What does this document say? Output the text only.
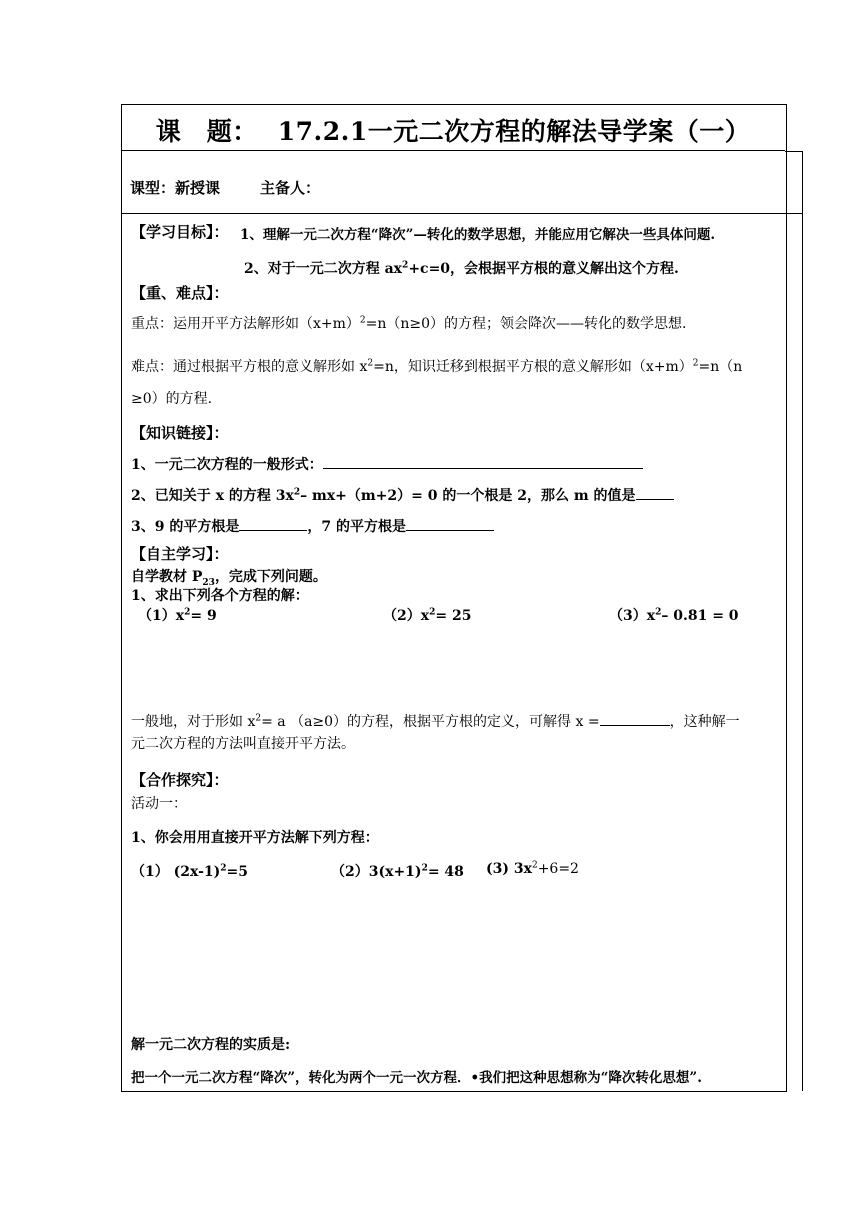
课　题： 17.2.1一元二次方程的解法导学案（一）
课型：新授课	主备人：
【学习目标】： 1、理解一元二次方程“降次”—转化的数学思想，并能应用它解决一些具体问题.
2、对于一元二次方程 $ax^2+c=0$，会根据平方根的意义解出这个方程.
【重、难点】：
重点：运用开平方法解形如$(x+m)^2=n(n\ge 0)$的方程；领会降次——转化的数学思想.
难点：通过根据平方根的意义解形如 $x^2=n$，知识迁移到根据平方根的意义解形如$(x+m)^2=n(n$
≥0）的方程.
【知识链接】：
1、一元二次方程的一般形式：
2、已知关于 x 的方程 $3x^2-$ mx+（m+2）= 0 的一个根是 2，那么 m 的值是
3、9 的平方根是	，7 的平方根是
【自主学习】：
自学教材 $P_{23}$，完成下列问题。
1、求出下列各个方程的解：
$(1)x^2= 9$	$(2)x^2= 25$	$(3)x^2-$ 0.81 = 0
一般地，对于形如 $x^2= a$ （a≥0）的方程，根据平方根的定义，可解得 x =	，这种解一
元二次方程的方法叫直接开平方法。
【合作探究】：
活动一：
1、你会用用直接开平方法解下列方程：
（1） $(2x-1)^2=5$	$(2)3(x+1)^2= 48$ (3) $3x^2+6=2$
解一元二次方程的实质是:
把一个一元二次方程“降次”，转化为两个一元一次方程．•我们把这种思想称为“降次转化思想”.
